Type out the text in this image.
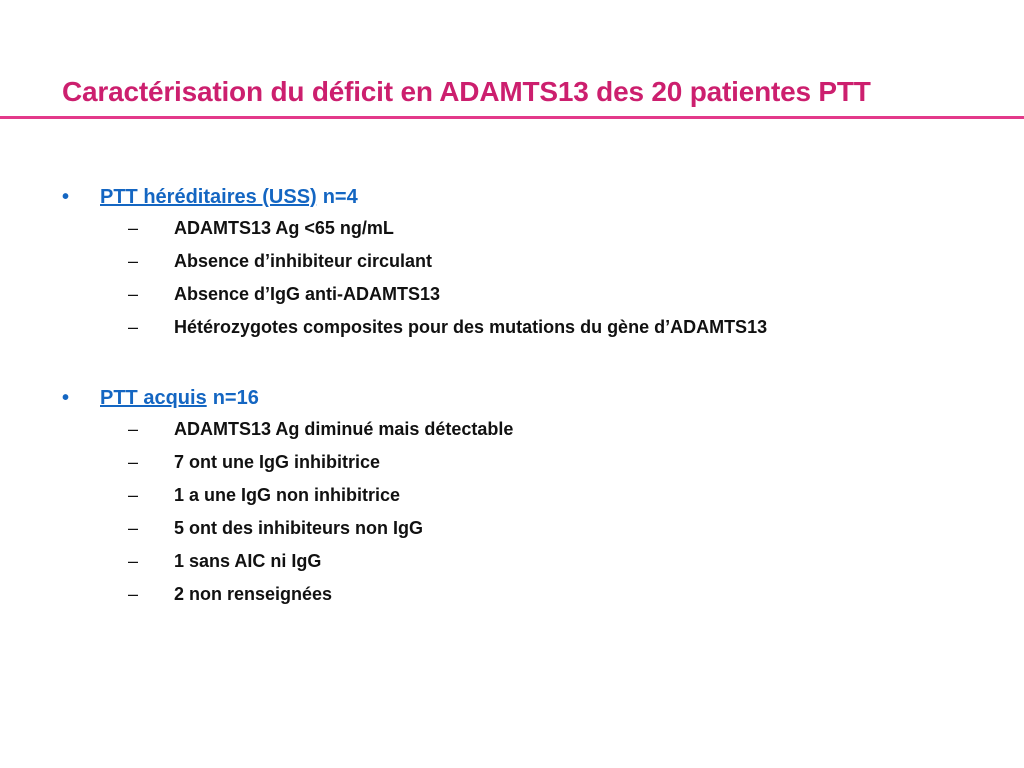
Caractérisation du déficit en ADAMTS13 des 20 patientes PTT
•	PTT héréditaires (USS) n=4
–	ADAMTS13 Ag <65 ng/mL
–	Absence d’inhibiteur circulant
–	Absence d’IgG anti-ADAMTS13
–	Hétérozygotes composites pour des mutations du gène d’ADAMTS13
•	PTT acquis n=16
–	ADAMTS13 Ag diminué mais détectable
–	7 ont une IgG inhibitrice
–	1 a une IgG non inhibitrice
–	5 ont des inhibiteurs non IgG
–	1 sans AIC ni IgG
–	2 non renseignées
